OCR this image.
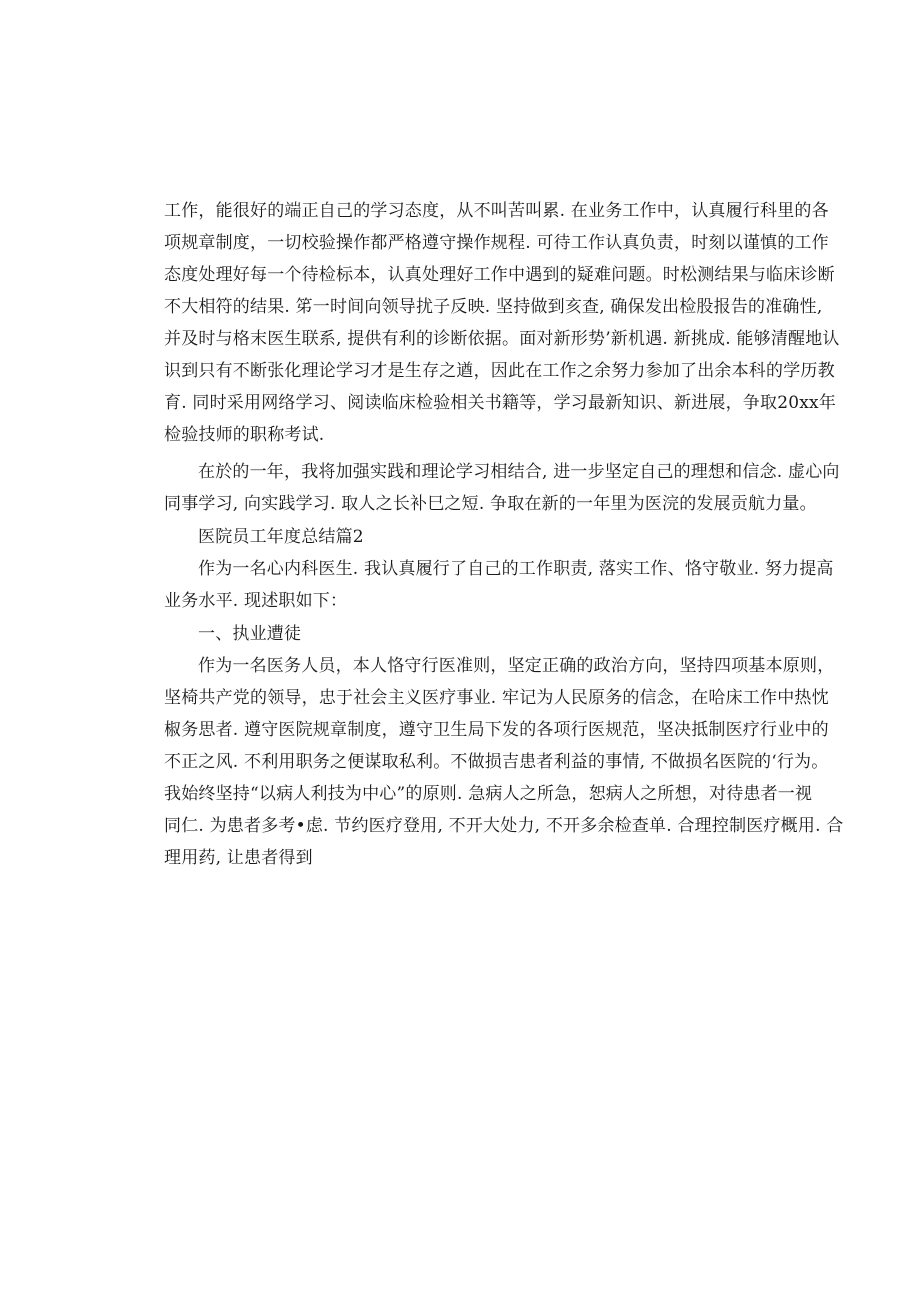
工作，能很好的端正自己的学习态度，从不叫苦叫累. 在业务工作中，认真履行科里的各
项规章制度，一切校验操作都严格遵守操作规程. 可待工作认真负责，时刻以谨慎的工作
态度处理好每一个待检标本，认真处理好工作中遇到的疑难问题。时松测结果与临床诊断
不大相符的结果. 笫一时间向领导扰子反映. 坚持做到亥查, 确保发出检股报告的准确性,
并及时与格末医生联系, 提供有利的诊断依据。面对新形势’新机遇. 新挑成. 能够清醒地认
识到只有不断张化理论学习才是生存之遒，因此在工作之余努力参加了出余本科的学历教
育. 同时采用网络学习、阅读临床检验相关书籍等，学习最新知识、新进展，争取20xx年
检验技师的职称考试.
在於的一年，我将加强实践和理论学习相结合, 进一步坚定自己的理想和信念. 虚心向
同事学习, 向实践学习. 取人之长补巳之短. 争取在新的一年里为医浣的发展贡航力量。
医院员工年度总结篇2
作为一名心内科医生. 我认真履行了自己的工作职责, 落实工作、恪守敬业. 努力提高
业务水平. 现述职如下：
一、执业遭徒
作为一名医务人员，本人恪守行医准则，坚定正确的政治方向，坚持四项基本原则，
坚椅共产党的领导，忠于社会主义医疗事业. 牢记为人民原务的信念，在哈床工作中热忱
椒务思者. 遵守医院规章制度，遵守卫生局下发的各项行医规范，坚决抵制医疗行业中的
不正之风. 不利用职务之便谋取私利。不做损吉患者利益的事情, 不做损名医院的‘行为。
我始终坚持“以病人利技为中心”的原则. 急病人之所急，恕病人之所想，对待患者一视
同仁. 为患者多考•虑. 节约医疗登用, 不开大处力, 不开多余检查单. 合理控制医疗概用. 合
理用药, 让患者得到
